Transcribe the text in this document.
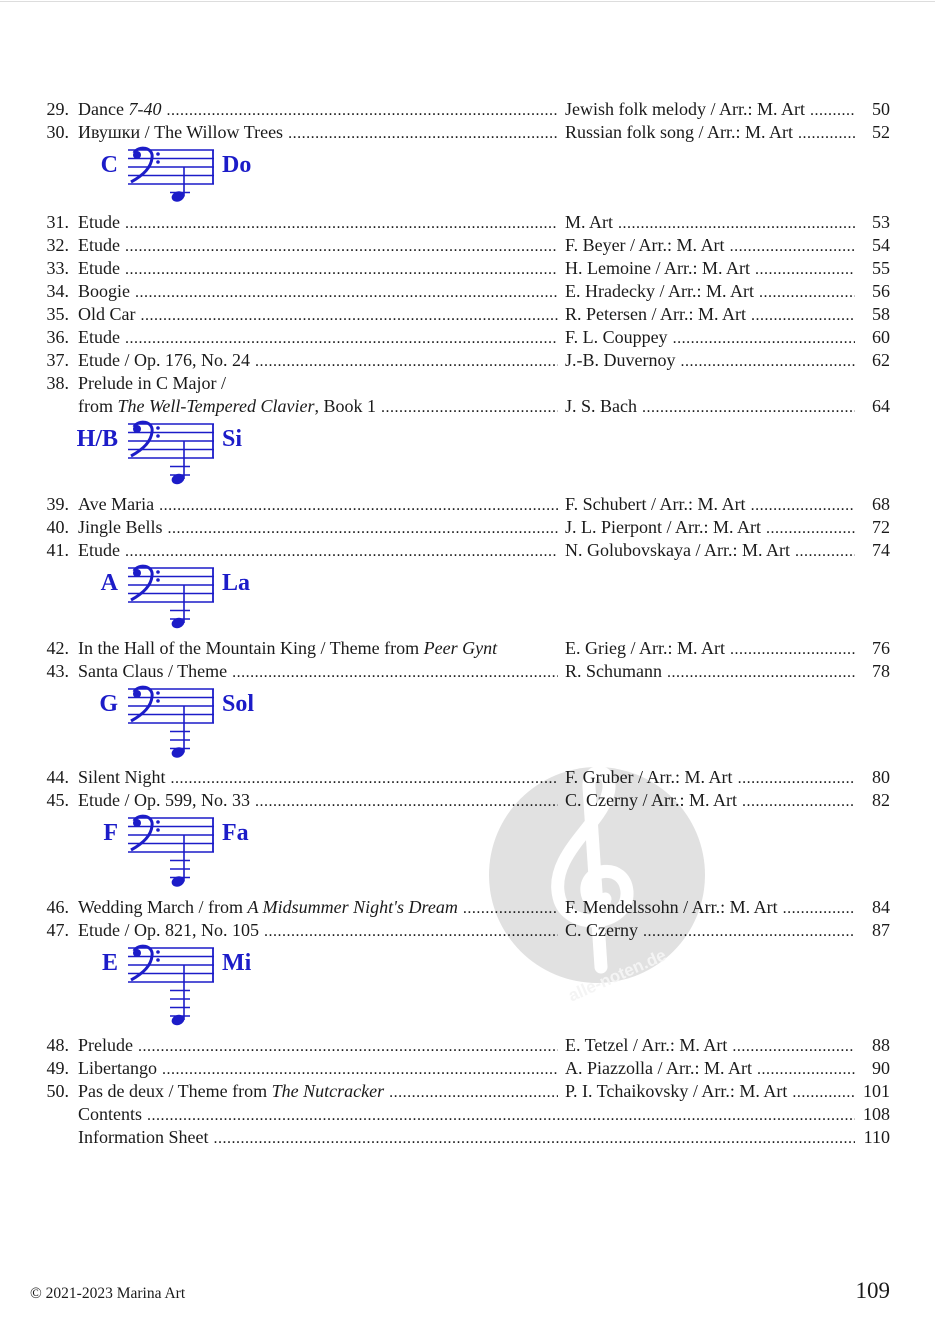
alle-noten.de
29. Dance 7-40 .....	Jewish folk melody / Arr.: M. Art .....	50
30. Ивушки / The Willow Trees .....	Russian folk song / Arr.: M. Art .....	52
C	Do
31. Etude .....	M. Art .....	53
32. Etude .....	F. Beyer / Arr.: M. Art .....	54
33. Etude .....	H. Lemoine / Arr.: M. Art .....	55
34. Boogie .....	E. Hradecky / Arr.: M. Art .....	56
35. Old Car .....	R. Petersen / Arr.: M. Art .....	58
36. Etude .....	F. L. Couppey .....	60
37. Etude / Op. 176, No. 24 .....	J.-B. Duvernoy .....	62
38. Prelude in C Major /
from The Well-Tempered Clavier, Book 1 .....	J. S. Bach .....	64
H/B	Si
39. Ave Maria .....	F. Schubert / Arr.: M. Art .....	68
40. Jingle Bells .....	J. L. Pierpont / Arr.: M. Art .....	72
41. Etude .....	N. Golubovskaya / Arr.: M. Art .....	74
A	La
42. In the Hall of the Mountain King / Theme from Peer Gynt	E. Grieg / Arr.: M. Art .....	76
43. Santa Claus / Theme .....	R. Schumann .....	78
G	Sol
44. Silent Night .....	F. Gruber / Arr.: M. Art .....	80
45. Etude / Op. 599, No. 33 .....	C. Czerny / Arr.: M. Art .....	82
F	Fa
46. Wedding March / from A Midsummer Night's Dream .....	F. Mendelssohn / Arr.: M. Art .....	84
47. Etude / Op. 821, No. 105 .....	C. Czerny .....	87
E	Mi
48. Prelude .....	E. Tetzel / Arr.: M. Art .....	88
49. Libertango .....	A. Piazzolla / Arr.: M. Art .....	90
50. Pas de deux / Theme from The Nutcracker .....	P. I. Tchaikovsky / Arr.: M. Art .....	101
Contents .....	108
Information Sheet .....	110
© 2021-2023 Marina Art	109
